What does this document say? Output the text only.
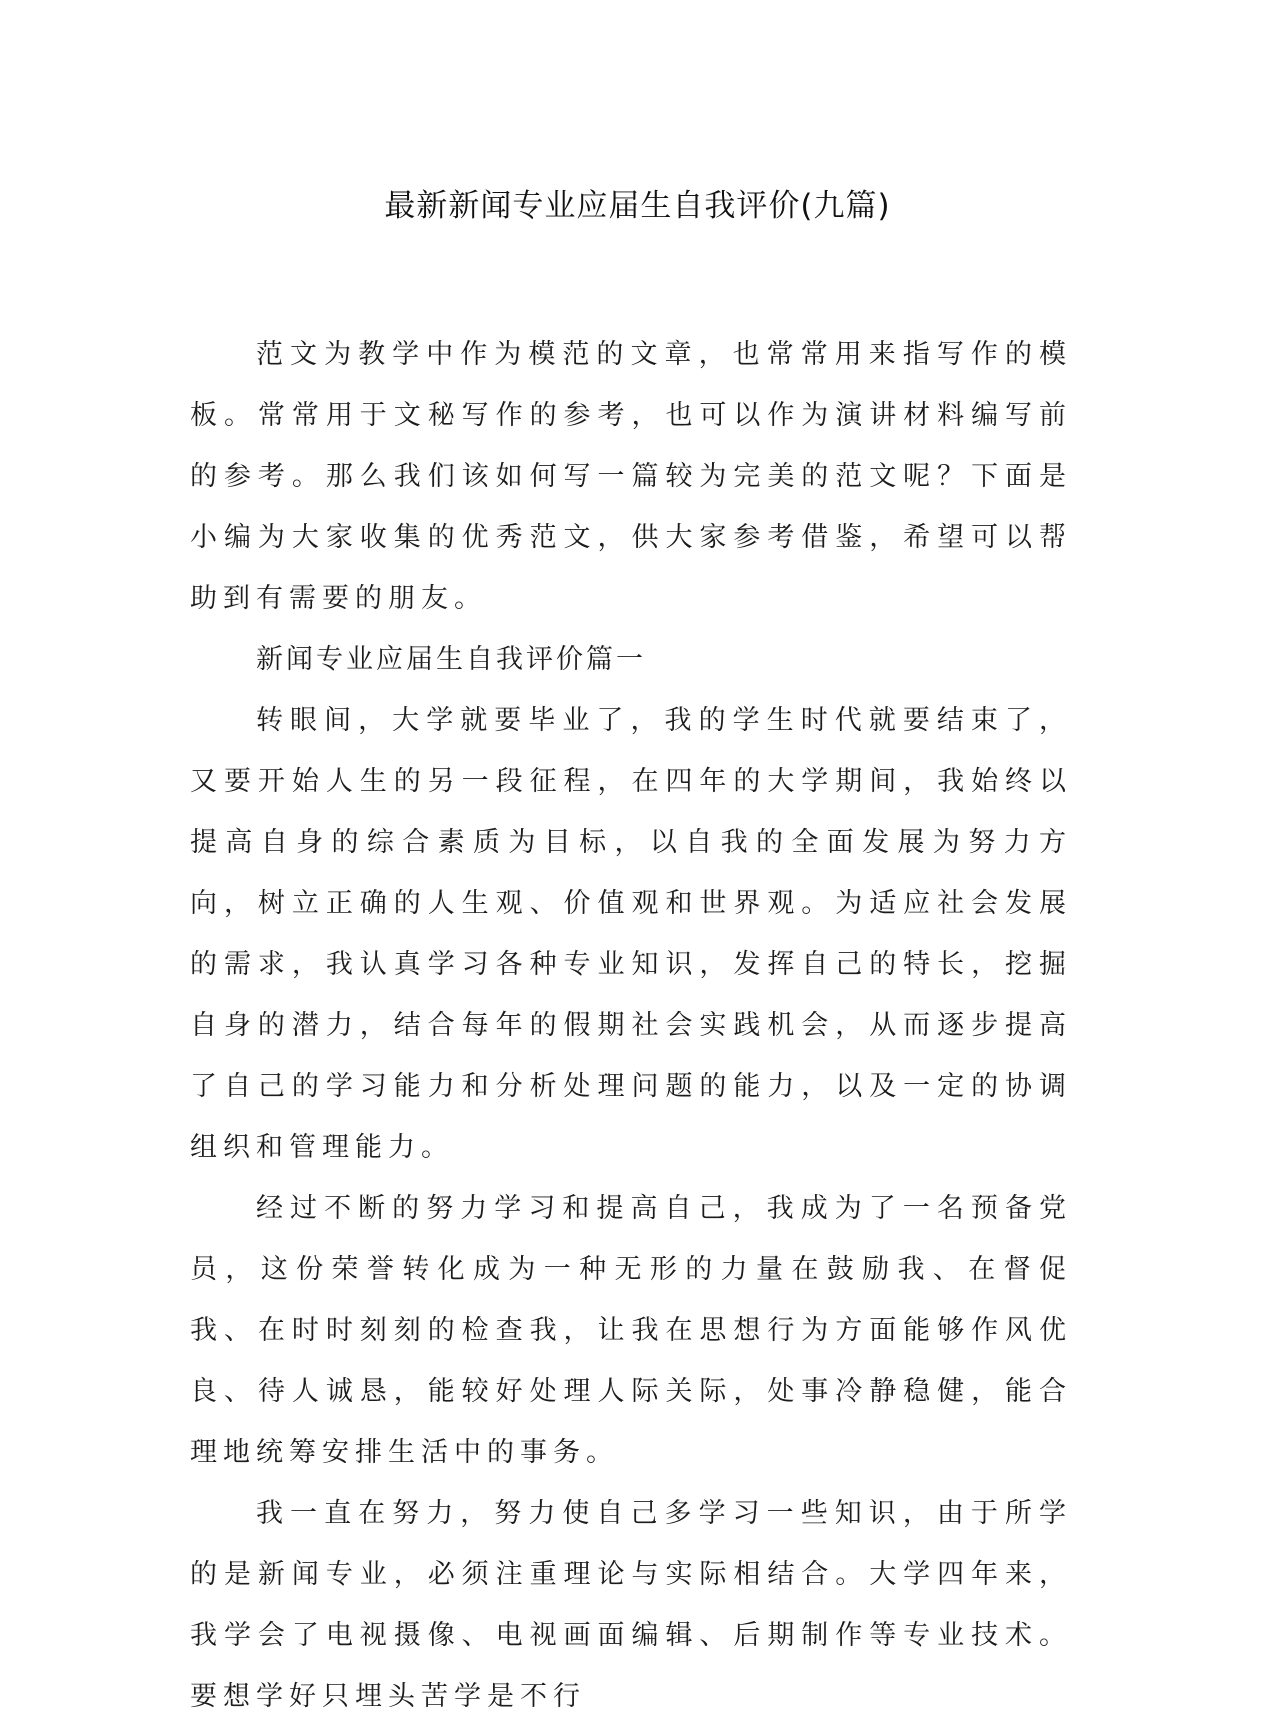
最新新闻专业应届生自我评价(九篇)

范文为教学中作为模范的文章，也常常用来指写作的模板。常常用于文秘写作的参考，也可以作为演讲材料编写前的参考。那么我们该如何写一篇较为完美的范文呢？下面是小编为大家收集的优秀范文，供大家参考借鉴，希望可以帮助到有需要的朋友。

新闻专业应届生自我评价篇一

转眼间，大学就要毕业了，我的学生时代就要结束了，又要开始人生的另一段征程，在四年的大学期间，我始终以提高自身的综合素质为目标，以自我的全面发展为努力方向，树立正确的人生观、价值观和世界观。为适应社会发展的需求，我认真学习各种专业知识，发挥自己的特长，挖掘自身的潜力，结合每年的假期社会实践机会，从而逐步提高了自己的学习能力和分析处理问题的能力，以及一定的协调组织和管理能力。

经过不断的努力学习和提高自己，我成为了一名预备党员，这份荣誉转化成为一种无形的力量在鼓励我、在督促我、在时时刻刻的检查我，让我在思想行为方面能够作风优良、待人诚恳，能较好处理人际关际，处事冷静稳健，能合理地统筹安排生活中的事务。

我一直在努力，努力使自己多学习一些知识，由于所学的是新闻专业，必须注重理论与实际相结合。大学四年来，我学会了电视摄像、电视画面编辑、后期制作等专业技术。要想学好只埋头苦学是不行
